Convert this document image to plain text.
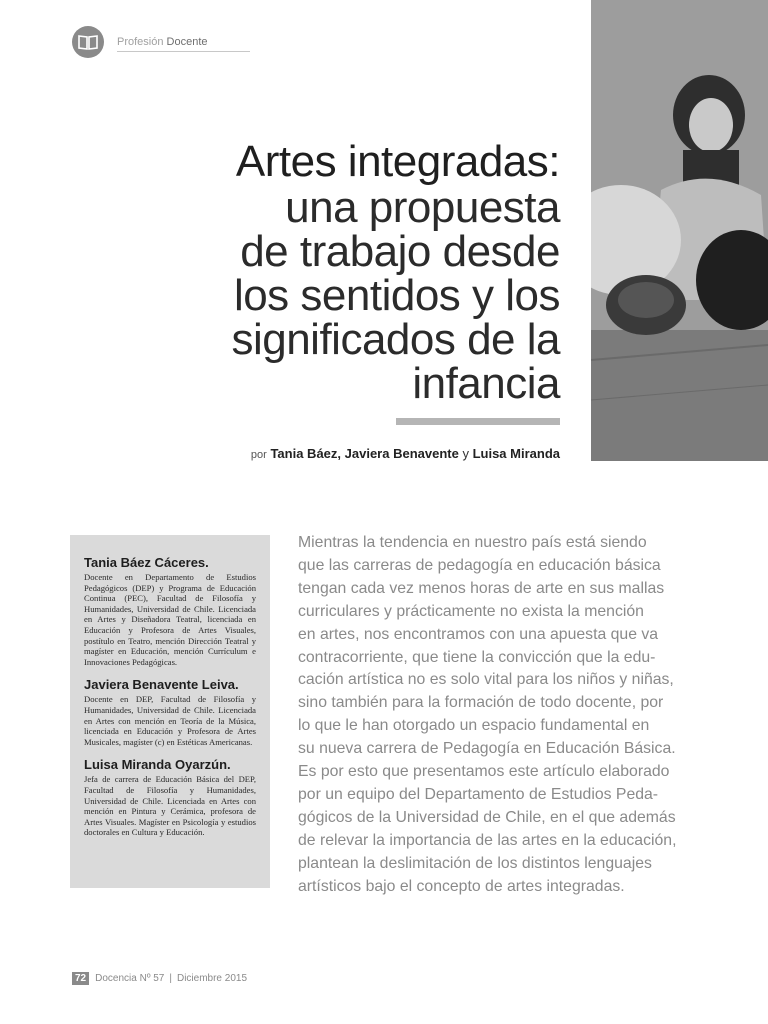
Profesión Docente

Artes integradas:

una propuesta

de trabajo desde

los sentidos y los

significados de la

infancia

por Tania Báez, Javiera Benavente y Luisa Miranda
Tania Báez Cáceres.
Docente en Departamento de Estudios Pedagógicos (DEP) y Programa de Educación Continua (PEC), Facultad de Filosofía y Humanidades, Universidad de Chile. Licenciada en Artes y Diseñadora Teatral, licenciada en Educación y Profesora de Artes Visuales, postítulo en Teatro, mención Dirección Teatral y magíster en Educación, mención Currículum e Innovaciones Pedagógicas.
Javiera Benavente Leiva.
Docente en DEP, Facultad de Filosofía y Humanidades, Universidad de Chile. Licenciada en Artes con mención en Teoría de la Música, licenciada en Educación y Profesora de Artes Musicales, magíster (c) en Estéticas Americanas.
Luisa Miranda Oyarzún.
Jefa de carrera de Educación Básica del DEP, Facultad de Filosofía y Humanidades, Universidad de Chile. Licenciada en Artes con mención en Pintura y Cerámica, profesora de Artes Visuales. Magíster en Psicología y estudios doctorales en Cultura y Educación.
Mientras la tendencia en nuestro país está siendo
que las carreras de pedagogía en educación básica
tengan cada vez menos horas de arte en sus mallas
curriculares y prácticamente no exista la mención
en artes, nos encontramos con una apuesta que va
contracorriente, que tiene la convicción que la edu-
cación artística no es solo vital para los niños y niñas,
sino también para la formación de todo docente, por
lo que le han otorgado un espacio fundamental en
su nueva carrera de Pedagogía en Educación Básica.
Es por esto que presentamos este artículo elaborado
por un equipo del Departamento de Estudios Peda-
gógicos de la Universidad de Chile, en el que además
de relevar la importancia de las artes en la educación,
plantean la deslimitación de los distintos lenguajes
artísticos bajo el concepto de artes integradas.
72 Docencia Nº 57 | Diciembre 2015
